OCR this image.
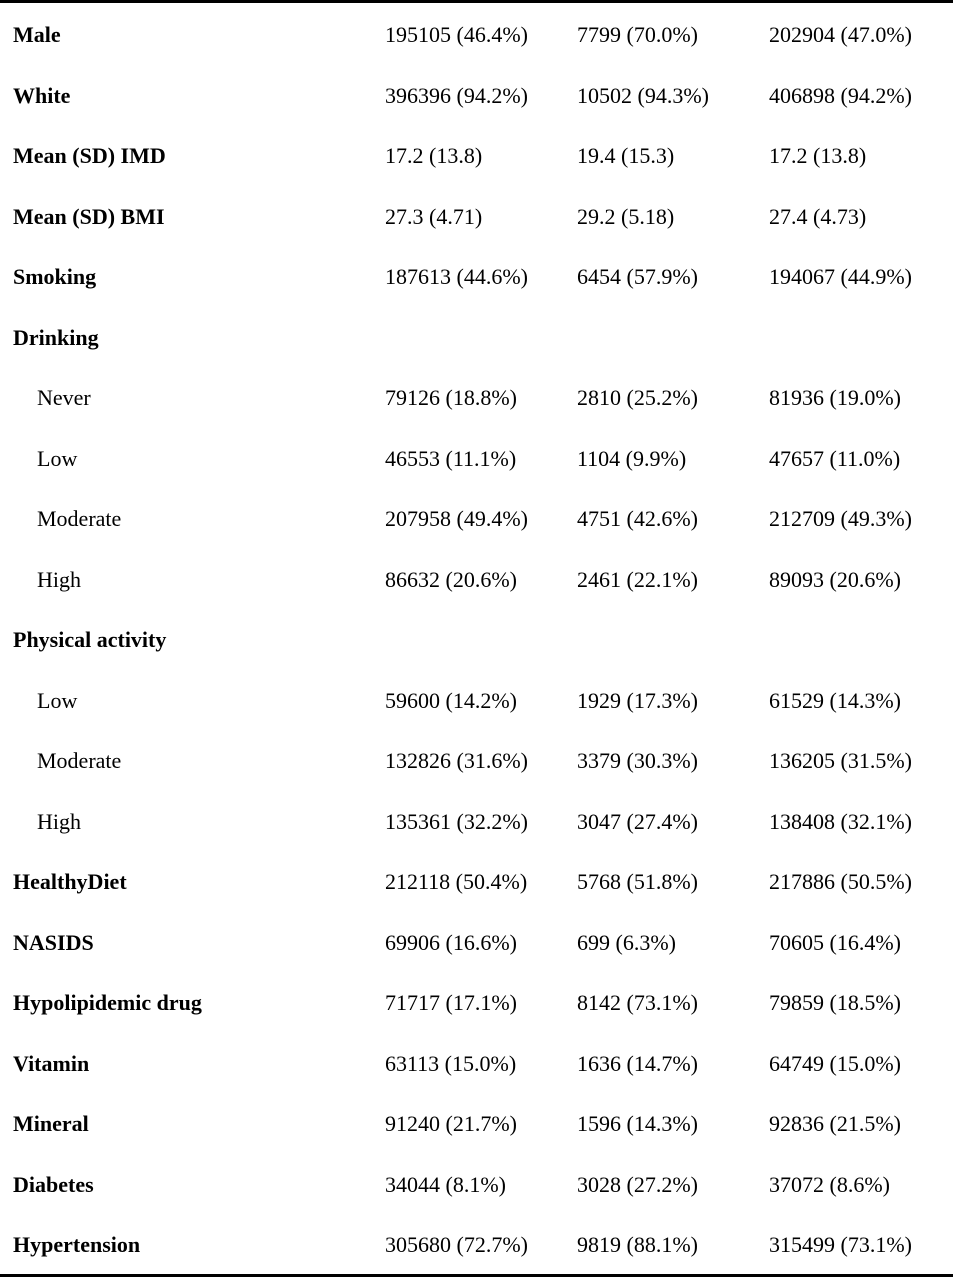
Male	195105 (46.4%)	7799 (70.0%)	202904 (47.0%)
White	396396 (94.2%)	10502 (94.3%)	406898 (94.2%)
Mean (SD) IMD	17.2 (13.8)	19.4 (15.3)	17.2 (13.8)
Mean (SD) BMI	27.3 (4.71)	29.2 (5.18)	27.4 (4.73)
Smoking	187613 (44.6%)	6454 (57.9%)	194067 (44.9%)
Drinking			
Never	79126 (18.8%)	2810 (25.2%)	81936 (19.0%)
Low	46553 (11.1%)	1104 (9.9%)	47657 (11.0%)
Moderate	207958 (49.4%)	4751 (42.6%)	212709 (49.3%)
High	86632 (20.6%)	2461 (22.1%)	89093 (20.6%)
Physical activity			
Low	59600 (14.2%)	1929 (17.3%)	61529 (14.3%)
Moderate	132826 (31.6%)	3379 (30.3%)	136205 (31.5%)
High	135361 (32.2%)	3047 (27.4%)	138408 (32.1%)
HealthyDiet	212118 (50.4%)	5768 (51.8%)	217886 (50.5%)
NASIDS	69906 (16.6%)	699 (6.3%)	70605 (16.4%)
Hypolipidemic drug	71717 (17.1%)	8142 (73.1%)	79859 (18.5%)
Vitamin	63113 (15.0%)	1636 (14.7%)	64749 (15.0%)
Mineral	91240 (21.7%)	1596 (14.3%)	92836 (21.5%)
Diabetes	34044 (8.1%)	3028 (27.2%)	37072 (8.6%)
Hypertension	305680 (72.7%)	9819 (88.1%)	315499 (73.1%)
